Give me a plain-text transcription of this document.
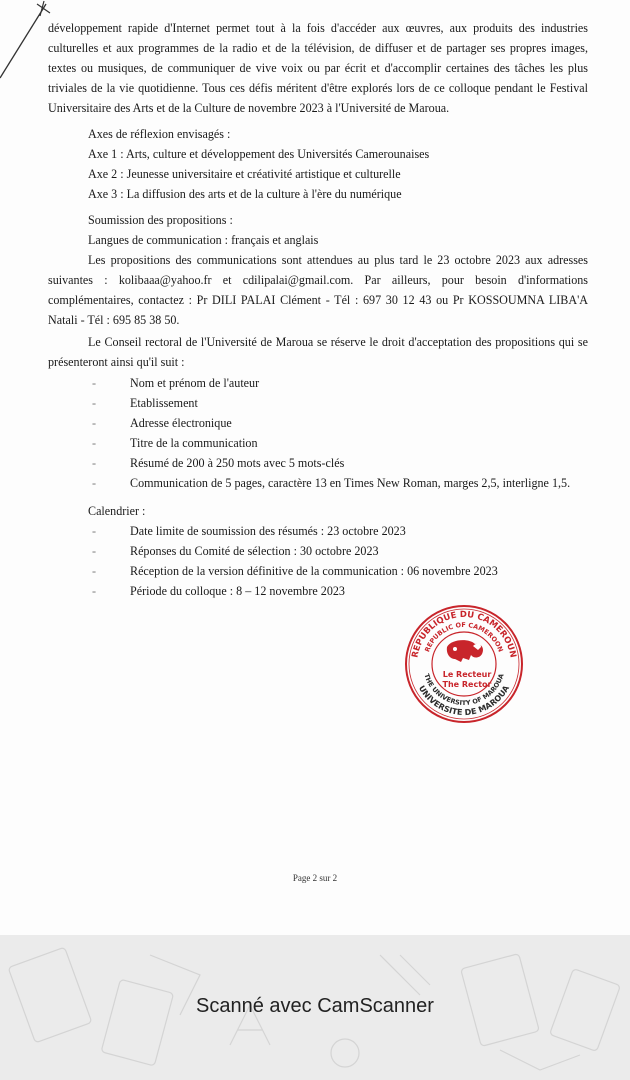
développement rapide d'Internet permet tout à la fois d'accéder aux œuvres, aux produits des industries culturelles et aux programmes de la radio et de la télévision, de diffuser et de partager ses propres images, textes ou musiques, de communiquer de vive voix ou par écrit et d'accomplir certaines des tâches les plus triviales de la vie quotidienne. Tous ces défis méritent d'être explorés lors de ce colloque pendant le Festival Universitaire des Arts et de la Culture de novembre 2023 à l'Université de Maroua.

Axes de réflexion envisagés :
Axe 1 : Arts, culture et développement des Universités Camerounaises
Axe 2 : Jeunesse universitaire et créativité artistique et culturelle
Axe 3 : La diffusion des arts et de la culture à l'ère du numérique
Soumission des propositions :
Langues de communication : français et anglais

Les propositions des communications sont attendues au plus tard le 23 octobre 2023 aux adresses suivantes : kolibaaa@yahoo.fr et cdilipalai@gmail.com. Par ailleurs, pour besoin d'informations complémentaires, contactez : Pr DILI PALAI Clément - Tél : 697 30 12 43 ou Pr KOSSOUMNA LIBA'A Natali - Tél : 695 85 38 50.

Le Conseil rectoral de l'Université de Maroua se réserve le droit d'acceptation des propositions qui se présenteront ainsi qu'il suit :

- Nom et prénom de l'auteur
- Etablissement
- Adresse électronique
- Titre de la communication
- Résumé de 200 à 250 mots avec 5 mots-clés
- Communication de 5 pages, caractère 13 en Times New Roman, marges 2,5, interligne 1,5.
Calendrier :
- Date limite de soumission des résumés : 23 octobre 2023
- Réponses du Comité de sélection : 30 octobre 2023
- Réception de la version définitive de la communication : 06 novembre 2023
- Période du colloque : 8 – 12 novembre 2023
REPUBLIQUE DU CAMEROUN
REPUBLIC OF CAMEROON
UNIVERSITE DE MAROUA
THE UNIVERSITY OF MAROUA
Le Recteur
The Rector
Page 2 sur 2
Scanné avec CamScanner
